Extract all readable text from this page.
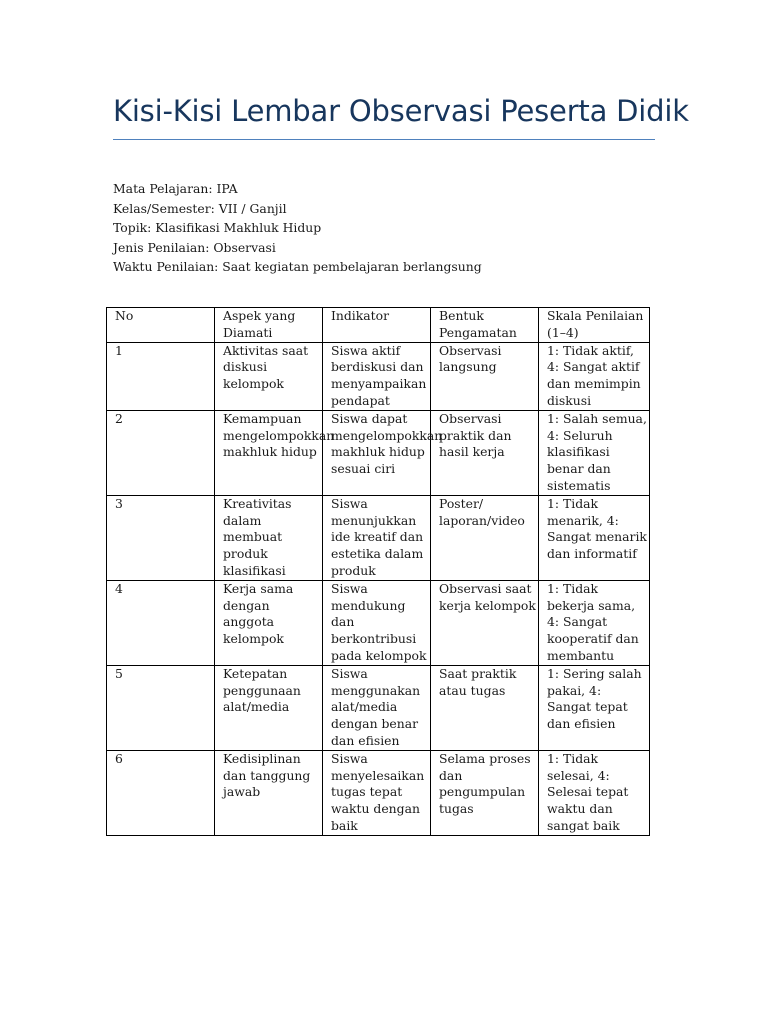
Kisi-Kisi Lembar Observasi Peserta Didik
Mata Pelajaran: IPA
Kelas/Semester: VII / Ganjil
Topik: Klasifikasi Makhluk Hidup
Jenis Penilaian: Observasi
Waktu Penilaian: Saat kegiatan pembelajaran berlangsung
No	Aspek yang Diamati	Indikator	Bentuk Pengamatan	Skala Penilaian (1–4)
1	Aktivitas saat diskusi kelompok	Siswa aktif berdiskusi dan menyampaikan pendapat	Observasi langsung	1: Tidak aktif, 4: Sangat aktif dan memimpin diskusi
2	Kemampuan mengelompokkan makhluk hidup	Siswa dapat mengelompokkan makhluk hidup sesuai ciri	Observasi praktik dan hasil kerja	1: Salah semua, 4: Seluruh klasifikasi benar dan sistematis
3	Kreativitas dalam membuat produk klasifikasi	Siswa menunjukkan ide kreatif dan estetika dalam produk	Poster/ laporan/video	1: Tidak menarik, 4: Sangat menarik dan informatif
4	Kerja sama dengan anggota kelompok	Siswa mendukung dan berkontribusi pada kelompok	Observasi saat kerja kelompok	1: Tidak bekerja sama, 4: Sangat kooperatif dan membantu
5	Ketepatan penggunaan alat/media	Siswa menggunakan alat/media dengan benar dan efisien	Saat praktik atau tugas	1: Sering salah pakai, 4: Sangat tepat dan efisien
6	Kedisiplinan dan tanggung jawab	Siswa menyelesaikan tugas tepat waktu dengan baik	Selama proses dan pengumpulan tugas	1: Tidak selesai, 4: Selesai tepat waktu dan sangat baik
